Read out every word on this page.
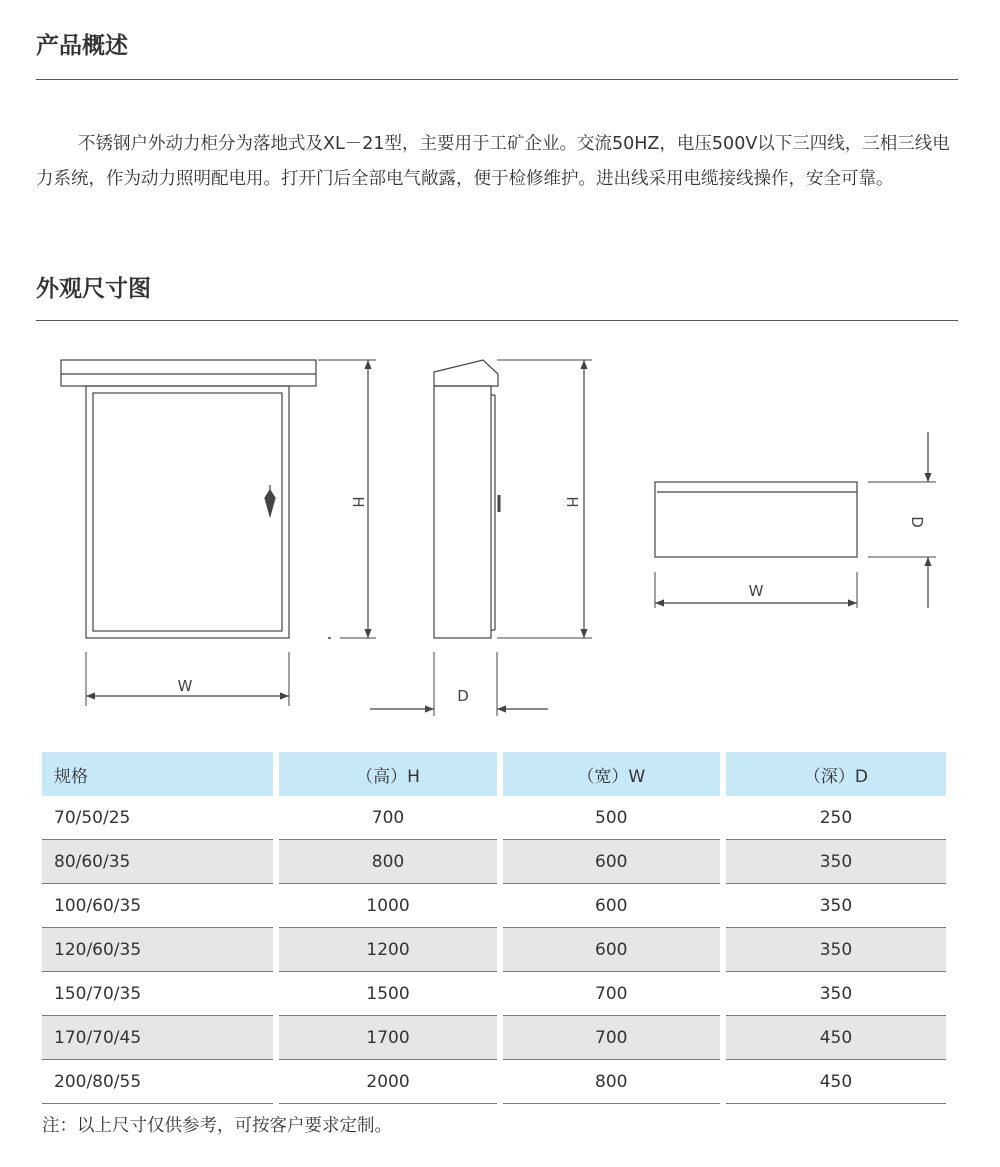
产品概述

不锈钢户外动力柜分为落地式及XL－21型，主要用于工矿企业。交流50HZ，电压500V以下三四线，三相三线电力系统，作为动力照明配电用。打开门后全部电气敞露，便于检修维护。进出线采用电缆接线操作，安全可靠。

外观尺寸图
W
H	H
D
W
D
规格	（高）H	（宽）W	（深）D
70/50/25	700	500	250
80/60/35	800	600	350
100/60/35	1000	600	350
120/60/35	1200	600	350
150/70/35	1500	700	350
170/70/45	1700	700	450
200/80/55	2000	800	450

注：以上尺寸仅供参考，可按客户要求定制。
